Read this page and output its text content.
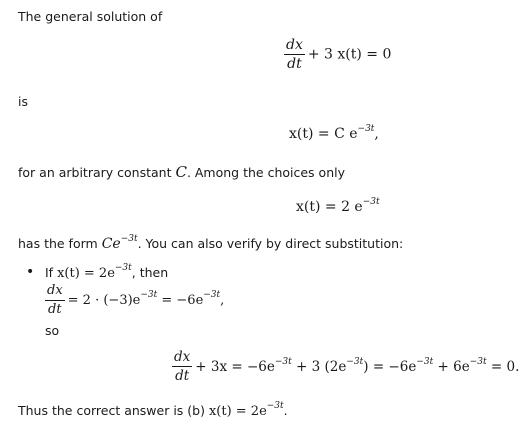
The general solution of
$\frac{dx}{dt} + 3$ x(t) = 0
is
x(t) = C $e^{-3t}$,
for an arbitrary constant C. Among the choices only
x(t) = 2 $e^{-3t}$
has the form $Ce^{-3t}$. You can also verify by direct substitution:
• If $x(t) = 2e^{-3t}$, then
$\frac{dx}{dt} = 2 \cdot (-3)e^{-3t} = -6e^{-3t}$,
so
$\frac{dx}{dt} + 3x = -6e^{-3t} + 3$ $(2e^{-3t}) = -6e^{-3t} + 6e^{-3t} = 0$.
Thus the correct answer is (b) $x(t) = 2e^{-3t}$.
